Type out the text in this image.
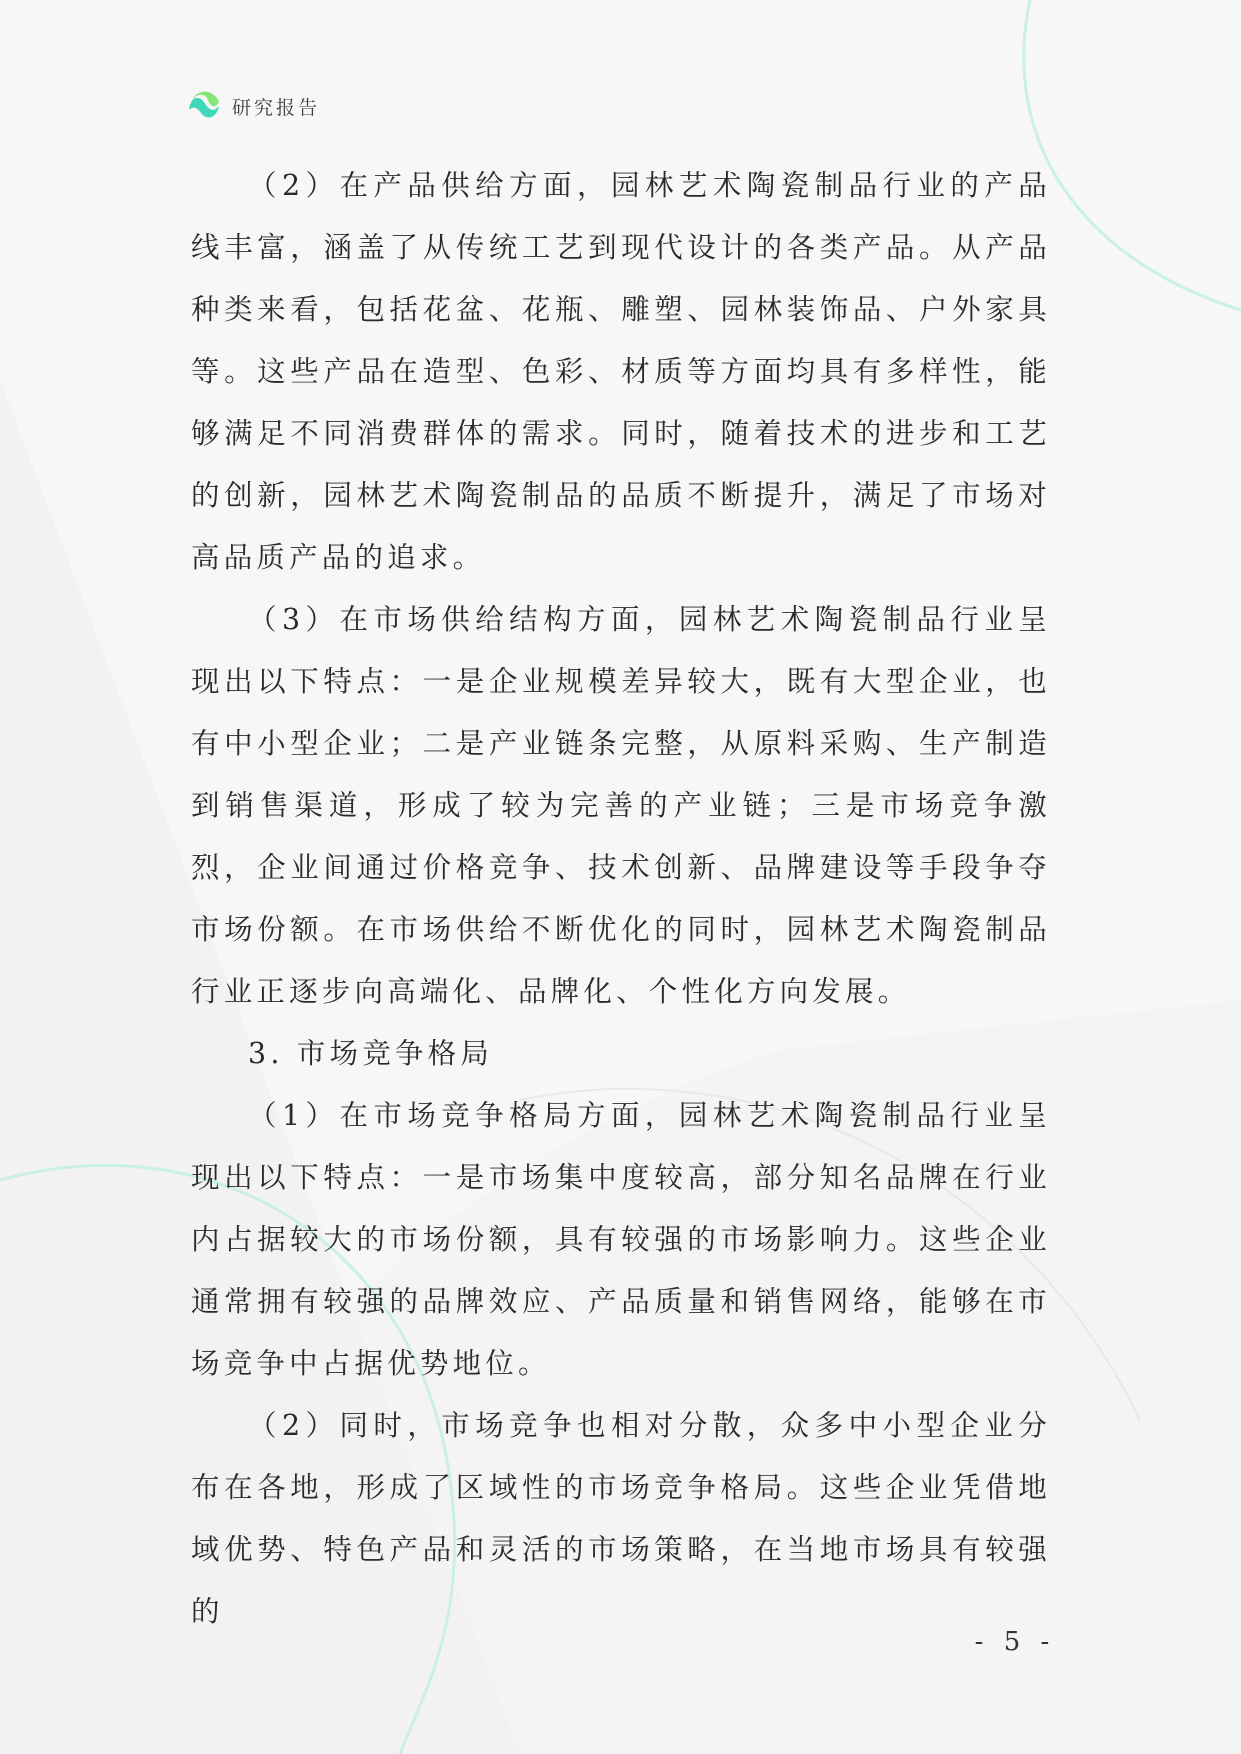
研究报告

（2）在产品供给方面，园林艺术陶瓷制品行业的产品线丰富，涵盖了从传统工艺到现代设计的各类产品。从产品种类来看，包括花盆、花瓶、雕塑、园林装饰品、户外家具等。这些产品在造型、色彩、材质等方面均具有多样性，能够满足不同消费群体的需求。同时，随着技术的进步和工艺的创新，园林艺术陶瓷制品的品质不断提升，满足了市场对高品质产品的追求。

（3）在市场供给结构方面，园林艺术陶瓷制品行业呈现出以下特点：一是企业规模差异较大，既有大型企业，也有中小型企业；二是产业链条完整，从原料采购、生产制造到销售渠道，形成了较为完善的产业链；三是市场竞争激烈，企业间通过价格竞争、技术创新、品牌建设等手段争夺市场份额。在市场供给不断优化的同时，园林艺术陶瓷制品行业正逐步向高端化、品牌化、个性化方向发展。

3. 市场竞争格局

（1）在市场竞争格局方面，园林艺术陶瓷制品行业呈现出以下特点：一是市场集中度较高，部分知名品牌在行业内占据较大的市场份额，具有较强的市场影响力。这些企业通常拥有较强的品牌效应、产品质量和销售网络，能够在市场竞争中占据优势地位。

（2）同时，市场竞争也相对分散，众多中小型企业分布在各地，形成了区域性的市场竞争格局。这些企业凭借地域优势、特色产品和灵活的市场策略，在当地市场具有较强的

- 5 -
